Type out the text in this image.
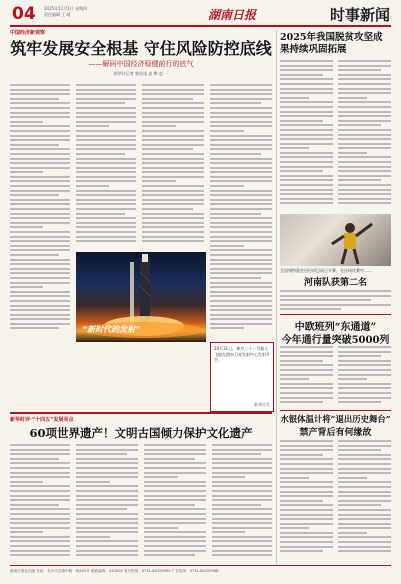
04 2025年11月1日 星期四
责任编辑 王 晴	湖南日报	时事新闻
中国经济新观察
筑牢发展安全根基 守住风险防控底线
——解码中国经济稳健前行的底气
新华社记者 韩佳诺 高 攀 赵 一
“新时代的发射”
10月31日，神舟二十一号载人飞船在酒泉卫星发射中心发射升空。
新华社发
2025年我国脱贫攻坚成果持续巩固拓展
全国残特奥会田径项目前日开赛。在这场比赛中……
河南队获第二名
中欧班列“东通道”
今年通行量突破5000列
水银体温计将“退出历史舞台”
禁产背后有何缘故
新华时评·“十四五”发展亮点
60项世界遗产！文明古国倾力保护文化遗产
湖南日报社出版 社址：长沙市芙蓉中路一段442号 邮政编码：410005 发行热线：0731-84329999 广告热线：0731-84329988
